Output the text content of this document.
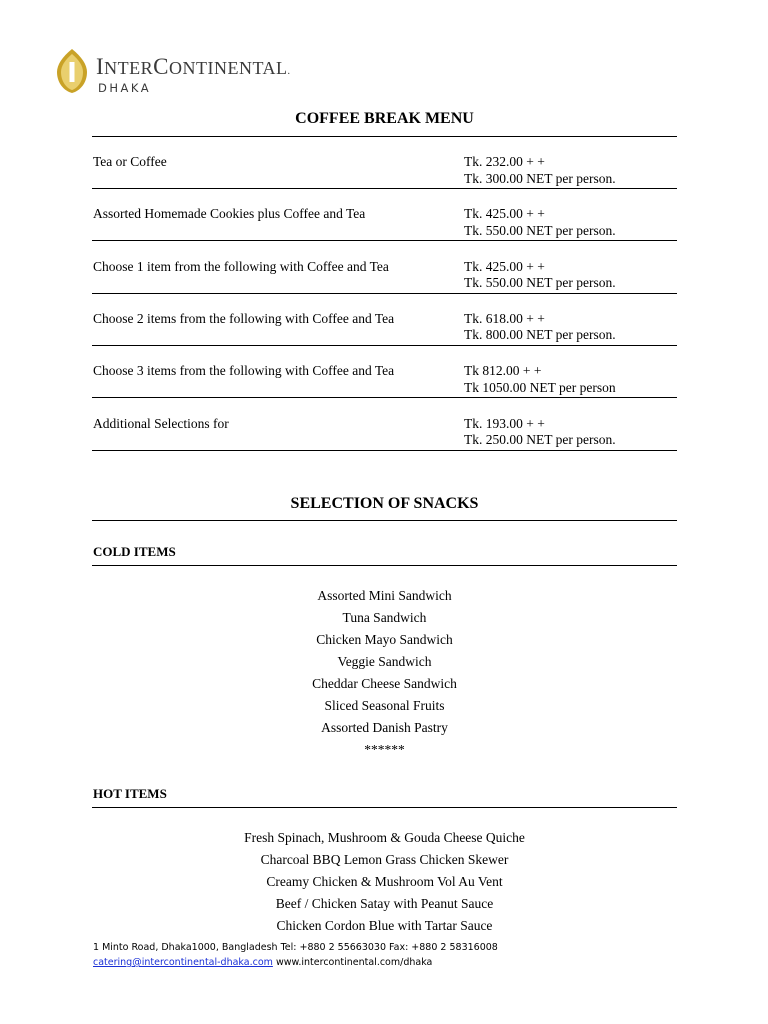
INTERCONTINENTAL.
DHAKA
COFFEE BREAK MENU
Tea or Coffee	Tk. 232.00 + +
Tk. 300.00 NET per person.
Assorted Homemade Cookies plus Coffee and Tea	Tk. 425.00 + +
Tk. 550.00 NET per person.
Choose 1 item from the following with Coffee and Tea	Tk. 425.00 + +
Tk. 550.00 NET per person.
Choose 2 items from the following with Coffee and Tea	Tk. 618.00 + +
Tk. 800.00 NET per person.
Choose 3 items from the following with Coffee and Tea	Tk 812.00 + +
Tk 1050.00 NET per person
Additional Selections for	Tk. 193.00 + +
Tk. 250.00 NET per person.
SELECTION OF SNACKS
COLD ITEMS
Assorted Mini Sandwich
Tuna Sandwich
Chicken Mayo Sandwich
Veggie Sandwich
Cheddar Cheese Sandwich
Sliced Seasonal Fruits
Assorted Danish Pastry
******
HOT ITEMS
Fresh Spinach, Mushroom & Gouda Cheese Quiche
Charcoal BBQ Lemon Grass Chicken Skewer
Creamy Chicken & Mushroom Vol Au Vent
Beef / Chicken Satay with Peanut Sauce
Chicken Cordon Blue with Tartar Sauce
1 Minto Road, Dhaka1000, Bangladesh Tel: +880 2 55663030 Fax: +880 2 58316008
catering@intercontinental-dhaka.com www.intercontinental.com/dhaka
